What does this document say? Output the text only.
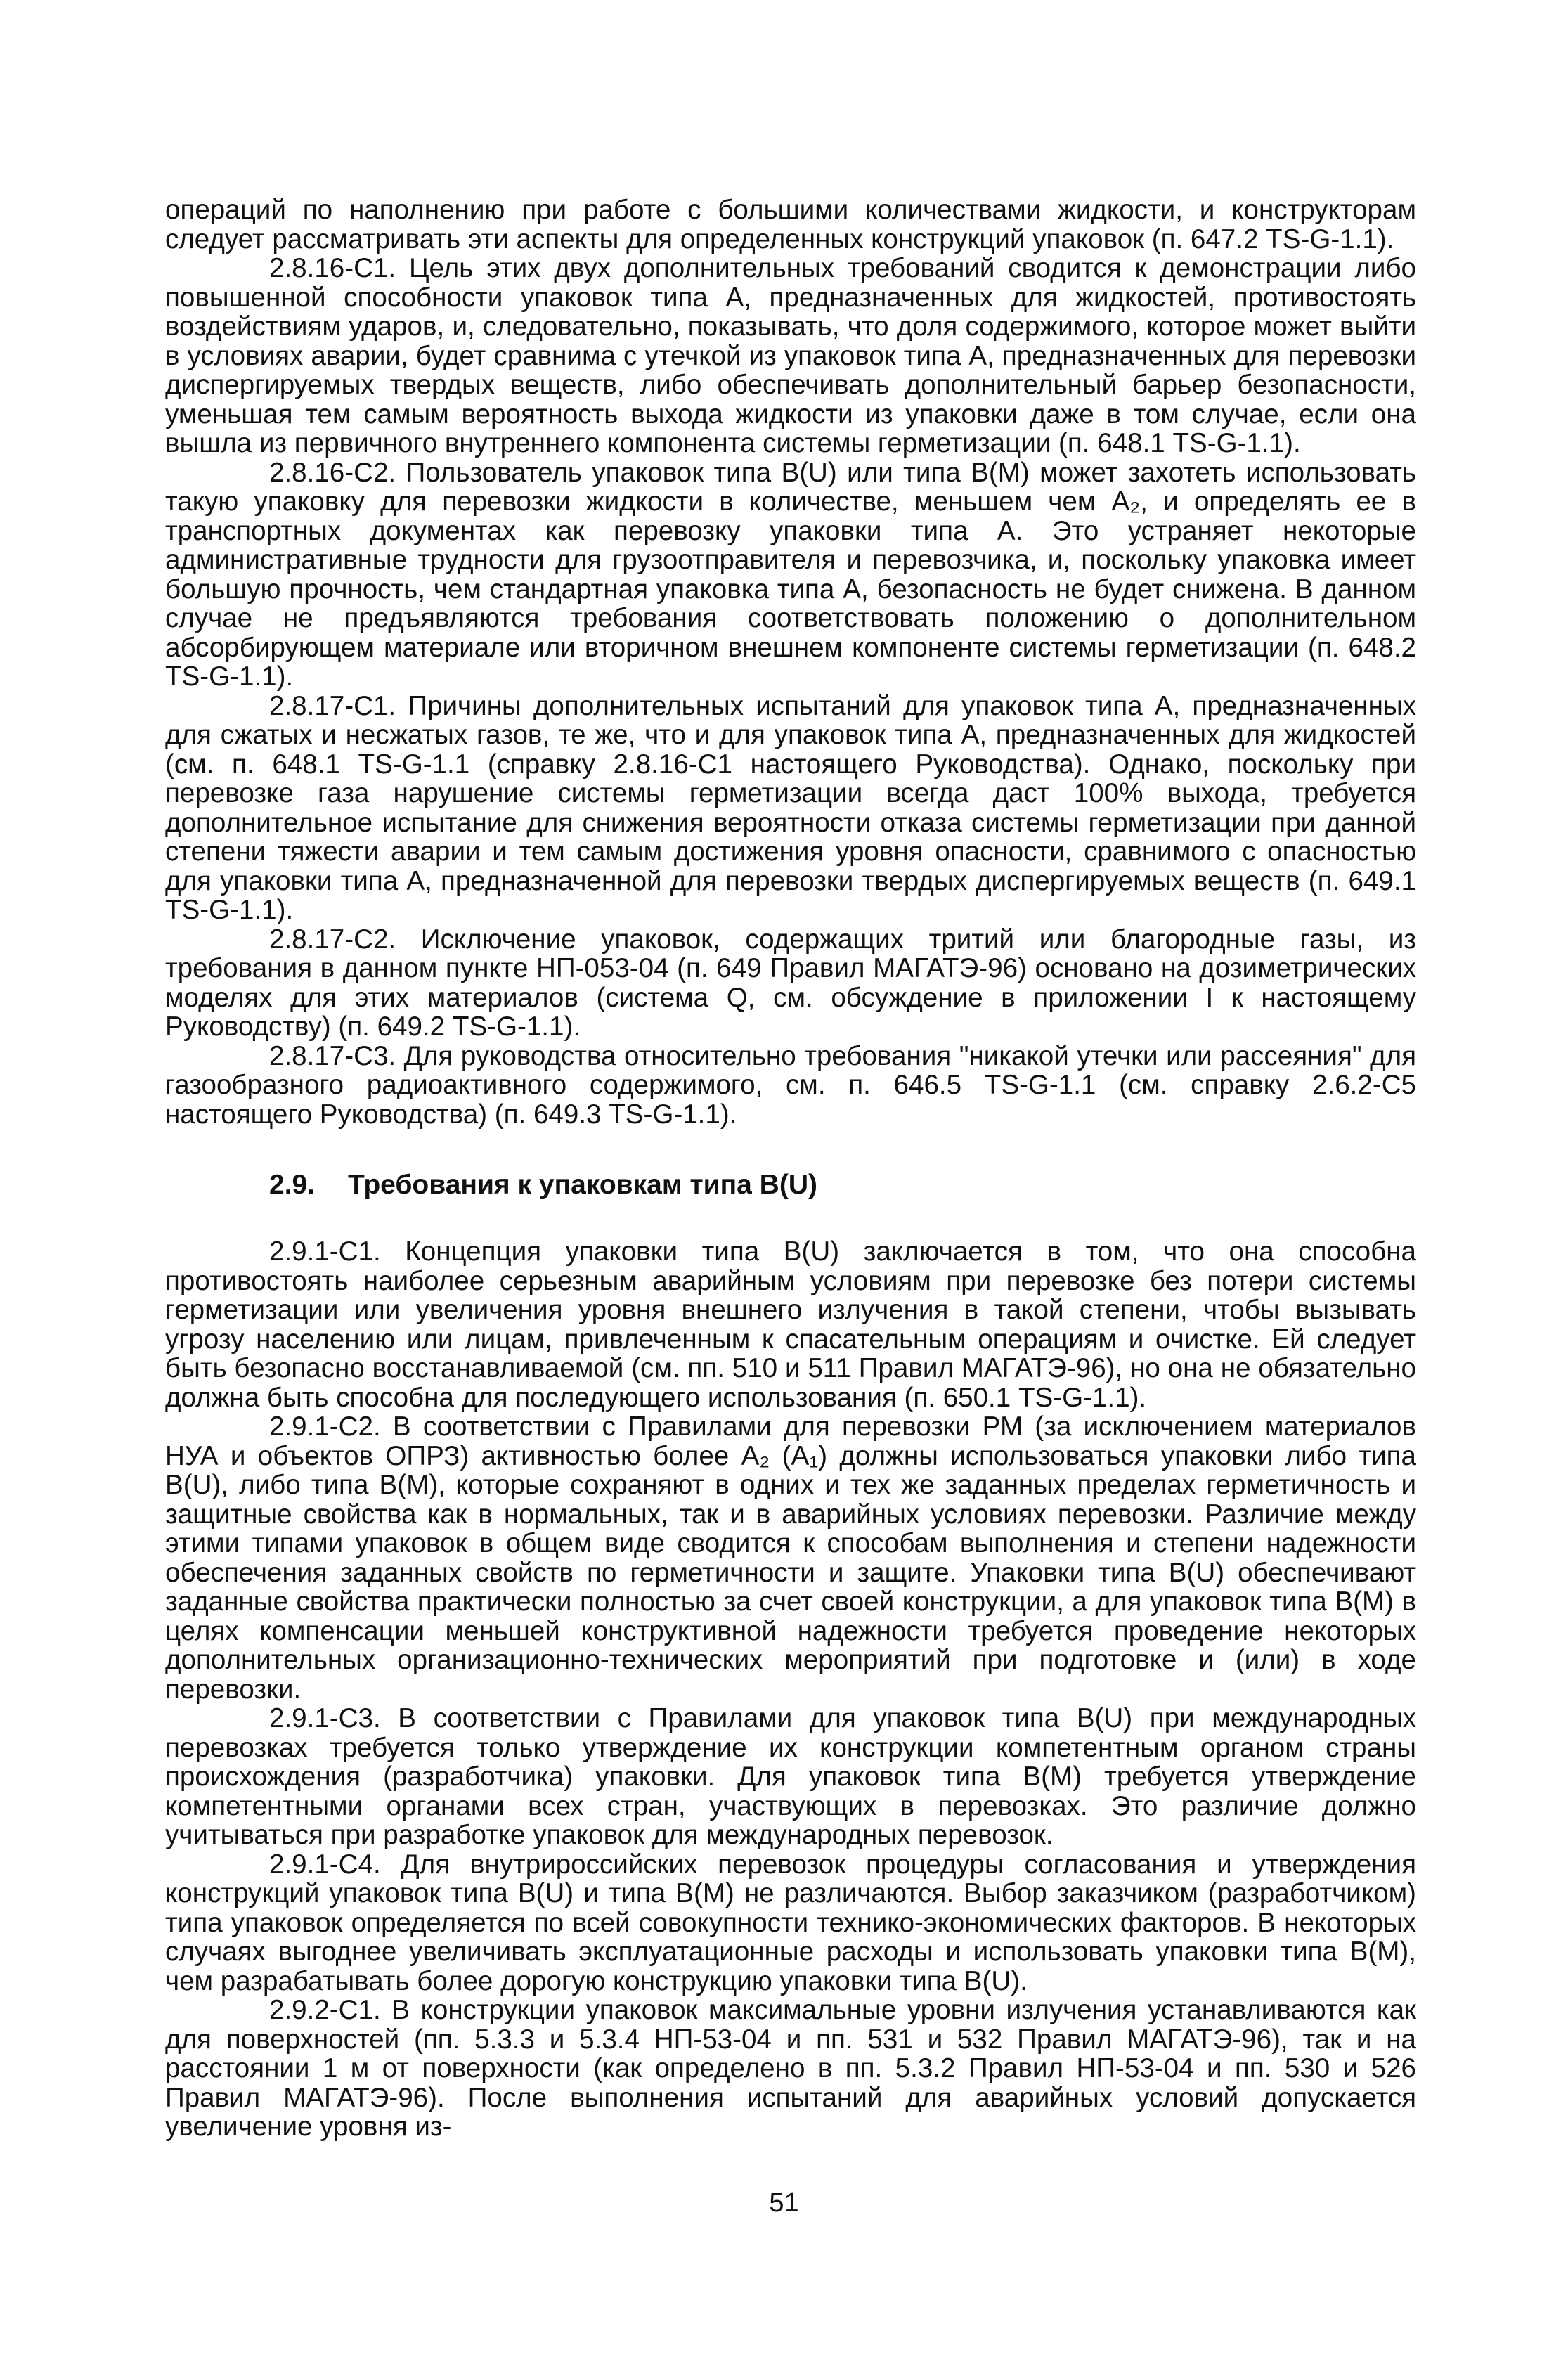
операций по наполнению при работе с большими количествами жидкости, и конструкторам следует рассматривать эти аспекты для определенных конструкций упаковок (п. 647.2 TS-G-1.1).

2.8.16-C1. Цель этих двух дополнительных требований сводится к демонстрации либо повышенной способности упаковок типа А, предназначенных для жидкостей, противостоять воздействиям ударов, и, следовательно, показывать, что доля содержимого, которое может выйти в условиях аварии, будет сравнима с утечкой из упаковок типа А, предназначенных для перевозки диспергируемых твердых веществ, либо обеспечивать дополнительный барьер безопасности, уменьшая тем самым вероятность выхода жидкости из упаковки даже в том случае, если она вышла из первичного внутреннего компонента системы герметизации (п. 648.1 TS-G-1.1).

2.8.16-C2. Пользователь упаковок типа B(U) или типа B(M) может захотеть использовать такую упаковку для перевозки жидкости в количестве, меньшем чем A₂, и определять ее в транспортных документах как перевозку упаковки типа А. Это устраняет некоторые административные трудности для грузоотправителя и перевозчика, и, поскольку упаковка имеет большую прочность, чем стандартная упаковка типа А, безопасность не будет снижена. В данном случае не предъявляются требования соответствовать положению о дополнительном абсорбирующем материале или вторичном внешнем компоненте системы герметизации (п. 648.2 TS-G-1.1).

2.8.17-C1. Причины дополнительных испытаний для упаковок типа А, предназначенных для сжатых и несжатых газов, те же, что и для упаковок типа А, предназначенных для жидкостей (см. п. 648.1 TS-G-1.1 (справку 2.8.16-C1 настоящего Руководства). Однако, поскольку при перевозке газа нарушение системы герметизации всегда даст 100% выхода, требуется дополнительное испытание для снижения вероятности отказа системы герметизации при данной степени тяжести аварии и тем самым достижения уровня опасности, сравнимого с опасностью для упаковки типа А, предназначенной для перевозки твердых диспергируемых веществ (п. 649.1 TS-G-1.1).

2.8.17-C2. Исключение упаковок, содержащих тритий или благородные газы, из требования в данном пункте НП-053-04 (п. 649 Правил МАГАТЭ-96) основано на дозиметрических моделях для этих материалов (система Q, см. обсуждение в приложении I к настоящему Руководству) (п. 649.2 TS-G-1.1).

2.8.17-C3. Для руководства относительно требования "никакой утечки или рассеяния" для газообразного радиоактивного содержимого, см. п. 646.5 TS-G-1.1 (см. справку 2.6.2-C5 настоящего Руководства) (п. 649.3 TS-G-1.1).

2.9. Требования к упаковкам типа B(U)

2.9.1-C1. Концепция упаковки типа B(U) заключается в том, что она способна противостоять наиболее серьезным аварийным условиям при перевозке без потери системы герметизации или увеличения уровня внешнего излучения в такой степени, чтобы вызывать угрозу населению или лицам, привлеченным к спасательным операциям и очистке. Ей следует быть безопасно восстанавливаемой (см. пп. 510 и 511 Правил МАГАТЭ-96), но она не обязательно должна быть способна для последующего использования (п. 650.1 TS-G-1.1).

2.9.1-C2. В соответствии с Правилами для перевозки РМ (за исключением материалов НУА и объектов ОПРЗ) активностью более A₂ (A₁) должны использоваться упаковки либо типа B(U), либо типа B(M), которые сохраняют в одних и тех же заданных пределах герметичность и защитные свойства как в нормальных, так и в аварийных условиях перевозки. Различие между этими типами упаковок в общем виде сводится к способам выполнения и степени надежности обеспечения заданных свойств по герметичности и защите. Упаковки типа B(U) обеспечивают заданные свойства практически полностью за счет своей конструкции, а для упаковок типа B(M) в целях компенсации меньшей конструктивной надежности требуется проведение некоторых дополнительных организационно-технических мероприятий при подготовке и (или) в ходе перевозки.

2.9.1-C3. В соответствии с Правилами для упаковок типа B(U) при международных перевозках требуется только утверждение их конструкции компетентным органом страны происхождения (разработчика) упаковки. Для упаковок типа B(M) требуется утверждение компетентными органами всех стран, участвующих в перевозках. Это различие должно учитываться при разработке упаковок для международных перевозок.

2.9.1-C4. Для внутрироссийских перевозок процедуры согласования и утверждения конструкций упаковок типа B(U) и типа B(M) не различаются. Выбор заказчиком (разработчиком) типа упаковок определяется по всей совокупности технико-экономических факторов. В некоторых случаях выгоднее увеличивать эксплуатационные расходы и использовать упаковки типа B(M), чем разрабатывать более дорогую конструкцию упаковки типа B(U).

2.9.2-C1. В конструкции упаковок максимальные уровни излучения устанавливаются как для поверхностей (пп. 5.3.3 и 5.3.4 НП-53-04 и пп. 531 и 532 Правил МАГАТЭ-96), так и на расстоянии 1 м от поверхности (как определено в пп. 5.3.2 Правил НП-53-04 и пп. 530 и 526 Правил МАГАТЭ-96). После выполнения испытаний для аварийных условий допускается увеличение уровня из-

51
